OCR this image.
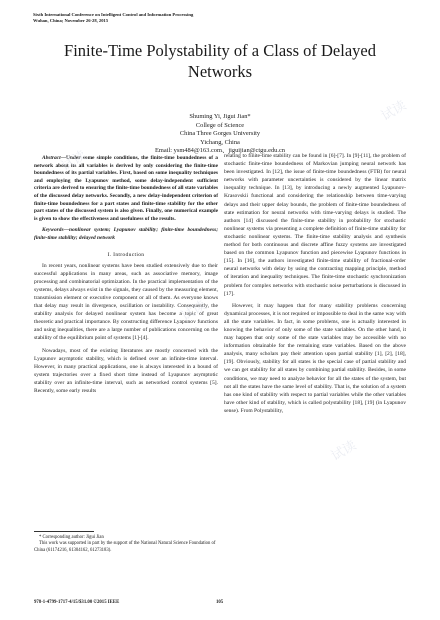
Sixth International Conference on Intelligent Control and Information Processing
Wuhan, China; November 26-28, 2015
Finite-Time Polystability of a Class of Delayed
Networks
Shuming Yi, Jigui Jian*
College of Science
China Three Gorges University
Yichang, China
Email: ysm484@163.com、jiguijian@ctgu.edu.cn

Abstract—Under some simple conditions, the finite-time boundedness of a network about its all variables is derived by only considering the finite-time boundedness of its partial variables. First, based on some inequality techniques and employing the Lyapunov method, some delay-independent sufficient criteria are derived to ensuring the finite-time boundedness of all state variables of the discussed delay networks. Secondly, a new delay-independent criterion of finite-time boundedness for a part states and finite-time stability for the other part states of the discussed system is also given. Finally, one numerical example is given to show the effectiveness and usefulness of the results.

Keywords—nonlinear system; Lyapunov stability; finite-time boundedness; finite-time stability; delayed network

I. Introduction

In recent years, nonlinear systems have been studied extensively due to their successful applications in many areas, such as associative memory, image processing and combinatorial optimization. In the practical implementation of the systems, delays always exist in the signals, they caused by the measuring element, transmission element or executive component or all of them. As everyone knows that delay may result in divergence, oscillation or instability. Consequently, the stability analysis for delayed nonlinear system has become a topic of great theoretic and practical importance. By constructing difference Lyapunov functions and using inequalities, there are a large number of publications concerning on the stability of the equilibrium point of systems [1]-[4].

Nowadays, most of the existing literatures are mostly concerned with the Lyapunov asymptotic stability, which is defined over an infinite-time interval. However, in many practical applications, one is always interested in a bound of system trajectories over a fixed short time instead of Lyapunov asymptotic stability over an infinite-time interval, such as networked control systems [5]. Recently, some early results

relating to finite-time stability can be found in [6]-[7]. In [9]-[11], the problem of stochastic finite-time boundedness of Markovian jumping neural network has been investigated. In [12], the issue of finite-time boundedness (FTB) for neural networks with parameter uncertainties is considered by the linear matrix inequality technique. In [13], by introducing a newly augmented Lyapunov-Krasovskii functional and considering the relationship between time-varying delays and their upper delay bounds, the problem of finite-time boundedness of state estimation for neural networks with time-varying delays is studied. The authors [14] discussed the finite-time stability in probability for stochastic nonlinear systems via presenting a complete definition of finite-time stability for stochastic nonlinear systems. The finite-time stability analysis and synthesis method for both continuous and discrete affine fuzzy systems are investigated based on the common Lyapunov function and piecewise Lyapunov functions in [15]. In [16], the authors investigated finite-time stability of fractional-order neural networks with delay by using the contracting mapping principle, method of iteration and inequality techniques. The finite-time stochastic synchronization problem for complex networks with stochastic noise perturbations is discussed in [17].

However, it may happen that for many stability problems concerning dynamical processes, it is not required or impossible to deal in the same way with all the state variables. In fact, in some problems, one is actually interested in knowing the behavior of only some of the state variables. On the other hand, it may happen that only some of the state variables may be accessible with no information obtainable for the remaining state variables. Based on the above analysis, many scholars pay their attention upon partial stability [1], [2], [18], [19]. Obviously, stability for all states is the special case of partial stability and we can get stability for all states by combining partial stability. Besides, in some conditions, we may need to analyze behavior for all the states of the system, but not all the states have the same level of stability. That is, the solution of a system has one kind of stability with respect to partial variables while the other variables have other kind of stability, which is called polystability [18], [19] (in Lyapunov sense). From Polystability,

* Corresponding author: Jigui Jian
This work was supported in part by the support of the National Natural Science Foundation of China (61174216, 61304162, 61273183).
978-1-4799-1717-4/15/$31.00 ©2015 IEEE	105
试读
试读
试读
试读
